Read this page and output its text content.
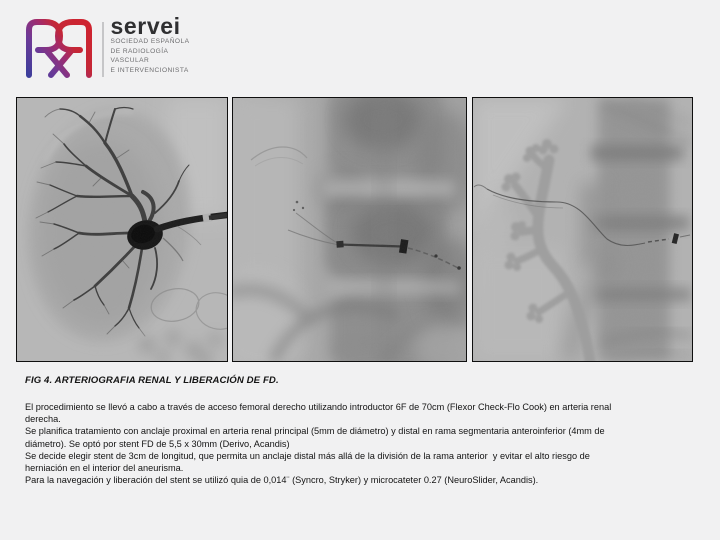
servei
SOCIEDAD ESPAÑOLA
DE RADIOLOGÍA
VASCULAR
E INTERVENCIONISTA
FIG 4. ARTERIOGRAFIA RENAL Y LIBERACIÓN DE FD.
El procedimiento se llevó a cabo a través de acceso femoral derecho utilizando introductor 6F de 70cm (Flexor Check-Flo Cook) en arteria renal
derecha.
Se planifica tratamiento con anclaje proximal en arteria renal principal (5mm de diámetro) y distal en rama segmentaria anteroinferior (4mm de
diámetro). Se optó por stent FD de 5,5 x 30mm (Derivo, Acandis)
Se decide elegir stent de 3cm de longitud, que permita un anclaje distal más allá de la división de la rama anterior  y evitar el alto riesgo de
herniación en el interior del aneurisma.
Para la navegación y liberación del stent se utilizó quia de 0,014¨ (Syncro, Stryker) y microcateter 0.27 (NeuroSlider, Acandis).
